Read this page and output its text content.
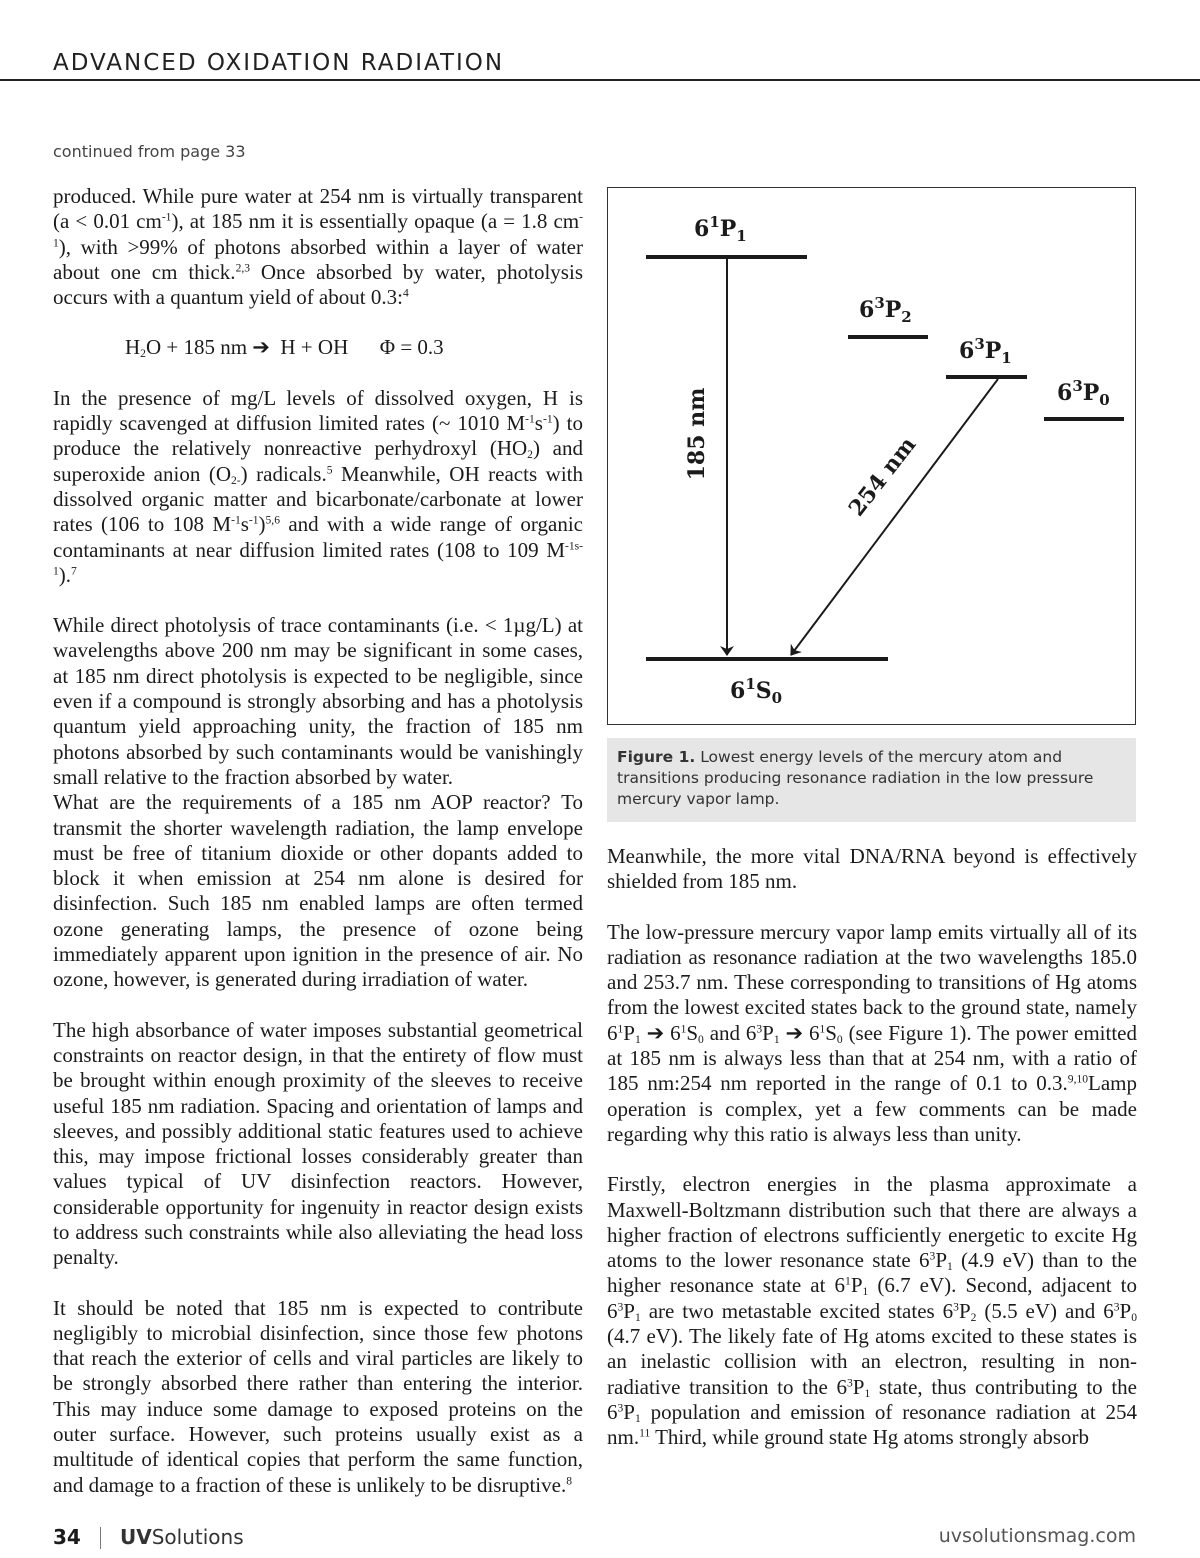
ADVANCED OXIDATION RADIATION
continued from page 33

produced. While pure water at 254 nm is virtually transparent (a < 0.01 $cm^{-1}$), at 185 nm it is essentially opaque (a = 1.8 $cm^{-1}$), with >99% of photons absorbed within a layer of water about one cm thick.$^{2,3}$ Once absorbed by water, photolysis occurs with a quantum yield of about 0.3:$^4$

$H_2O + 185$ nm ➔  H + OH      Φ = 0.3

In the presence of mg/L levels of dissolved oxygen, H is rapidly scavenged at diffusion limited rates (~ 1010 $M^{-1}s^{-1}$) to produce the relatively nonreactive perhydroxyl $(HO_2)$ and superoxide anion $(O_{2-})$ radicals.$^5$ Meanwhile, OH reacts with dissolved organic matter and bicarbonate/carbonate at lower rates (106 to 108 $M^{-1}s^{-1})^{5,6}$ and with a wide range of organic contaminants at near diffusion limited rates (108 to 109 $M^{-1s-1}).^7$

While direct photolysis of trace contaminants (i.e. < 1µg/L) at wavelengths above 200 nm may be significant in some cases, at 185 nm direct photolysis is expected to be negligible, since even if a compound is strongly absorbing and has a photolysis quantum yield approaching unity, the fraction of 185 nm photons absorbed by such contaminants would be vanishingly small relative to the fraction absorbed by water.

What are the requirements of a 185 nm AOP reactor? To transmit the shorter wavelength radiation, the lamp envelope must be free of titanium dioxide or other dopants added to block it when emission at 254 nm alone is desired for disinfection. Such 185 nm enabled lamps are often termed ozone generating lamps, the presence of ozone being immediately apparent upon ignition in the presence of air. No ozone, however, is generated during irradiation of water.

The high absorbance of water imposes substantial geometrical constraints on reactor design, in that the entirety of flow must be brought within enough proximity of the sleeves to receive useful 185 nm radiation. Spacing and orientation of lamps and sleeves, and possibly additional static features used to achieve this, may impose frictional losses considerably greater than values typical of UV disinfection reactors. However, considerable opportunity for ingenuity in reactor design exists to address such constraints while also alleviating the head loss penalty.

It should be noted that 185 nm is expected to contribute negligibly to microbial disinfection, since those few photons that reach the exterior of cells and viral particles are likely to be strongly absorbed there rather than entering the interior. This may induce some damage to exposed proteins on the outer surface. However, such proteins usually exist as a multitude of identical copies that perform the same function, and damage to a fraction of these is unlikely to be disruptive.$^8$

$6^1P_1$
$6^3P_2$
$6^3P_1$
$6^3P_0$
$6^1S_0$
185 nm	254 nm
Figure 1. Lowest energy levels of the mercury atom and transitions producing resonance radiation in the low pressure mercury vapor lamp.

Meanwhile, the more vital DNA/RNA beyond is effectively shielded from 185 nm.

The low-pressure mercury vapor lamp emits virtually all of its radiation as resonance radiation at the two wavelengths 185.0 and 253.7 nm. These corresponding to transitions of Hg atoms from the lowest excited states back to the ground state, namely $6^1P_1$ ➔ $6^1S_0$ and $6^3P_1$ ➔ $6^1S_0$ (see Figure 1). The power emitted at 185 nm is always less than that at 254 nm, with a ratio of 185 nm:254 nm reported in the range of 0.1 to 0.3.$^{9,10}$Lamp operation is complex, yet a few comments can be made regarding why this ratio is always less than unity.

Firstly, electron energies in the plasma approximate a Maxwell-Boltzmann distribution such that there are always a higher fraction of electrons sufficiently energetic to excite Hg atoms to the lower resonance state $6^3P_1$ (4.9 eV) than to the higher resonance state at $6^1P_1$ (6.7 eV). Second, adjacent to $6^3P_1$ are two metastable excited states $6^3P_2$ (5.5 eV) and $6^3P_0$ (4.7 eV). The likely fate of Hg atoms excited to these states is an inelastic collision with an electron, resulting in non-radiative transition to the $6^3P_1$ state, thus contributing to the $6^3P_1$ population and emission of resonance radiation at 254 nm.$^{11}$ Third, while ground state Hg atoms strongly absorb

34 UVSolutions	uvsolutionsmag.com
